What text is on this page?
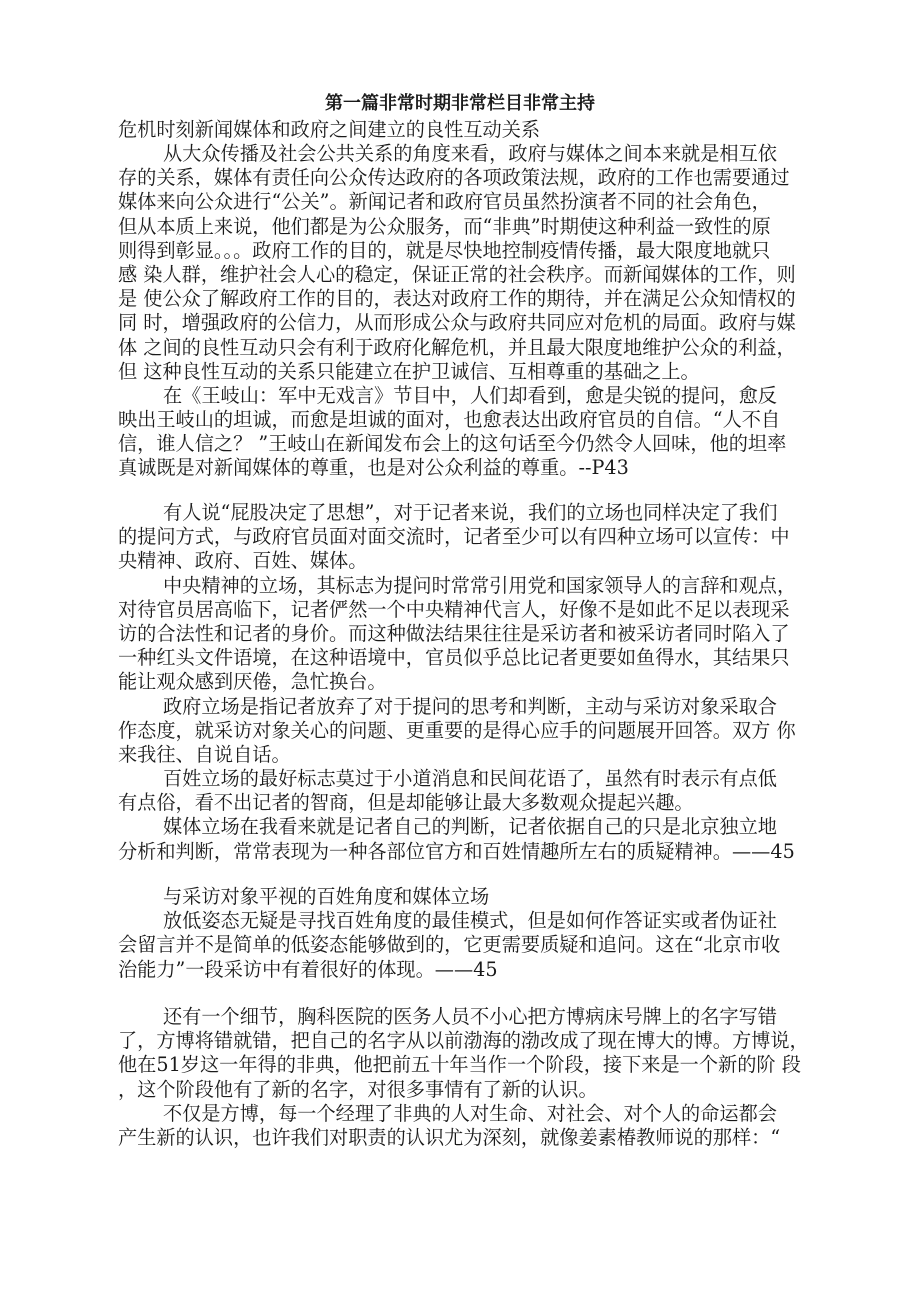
第一篇非常时期非常栏目非常主持
危机时刻新闻媒体和政府之间建立的良性互动关系
从大众传播及社会公共关系的角度来看，政府与媒体之间本来就是相互依
存的关系，媒体有责任向公众传达政府的各项政策法规，政府的工作也需要通过
媒体来向公众进行“公关”。新闻记者和政府官员虽然扮演者不同的社会角色，
但从本质上来说，他们都是为公众服务，而“非典”时期使这种利益一致性的原
则得到彰显。。。政府工作的目的，就是尽快地控制疫情传播，最大限度地就只
感 染人群，维护社会人心的稳定，保证正常的社会秩序。而新闻媒体的工作，则
是 使公众了解政府工作的目的，表达对政府工作的期待，并在满足公众知情权的
同 时，增强政府的公信力，从而形成公众与政府共同应对危机的局面。政府与媒
体 之间的良性互动只会有利于政府化解危机，并且最大限度地维护公众的利益，
但 这种良性互动的关系只能建立在护卫诚信、互相尊重的基础之上。
在《王岐山：军中无戏言》节目中，人们却看到，愈是尖锐的提问，愈反
映出王岐山的坦诚，而愈是坦诚的面对，也愈表达出政府官员的自信。“人不自
信，谁人信之？ ”王岐山在新闻发布会上的这句话至今仍然令人回味，他的坦率
真诚既是对新闻媒体的尊重，也是对公众利益的尊重。--P43
有人说“屁股决定了思想”，对于记者来说，我们的立场也同样决定了我们
的提问方式，与政府官员面对面交流时，记者至少可以有四种立场可以宣传：中
央精神、政府、百姓、媒体。
中央精神的立场，其标志为提问时常常引用党和国家领导人的言辞和观点，
对待官员居高临下，记者俨然一个中央精神代言人，好像不是如此不足以表现采
访的合法性和记者的身价。而这种做法结果往往是采访者和被采访者同时陷入了
一种红头文件语境，在这种语境中，官员似乎总比记者更要如鱼得水，其结果只
能让观众感到厌倦，急忙换台。
政府立场是指记者放弃了对于提问的思考和判断，主动与采访对象采取合
作态度，就采访对象关心的问题、更重要的是得心应手的问题展开回答。双方 你
来我往、自说自话。
百姓立场的最好标志莫过于小道消息和民间花语了，虽然有时表示有点低
有点俗，看不出记者的智商，但是却能够让最大多数观众提起兴趣。
媒体立场在我看来就是记者自己的判断，记者依据自己的只是北京独立地
分析和判断，常常表现为一种各部位官方和百姓情趣所左右的质疑精神。——45
与采访对象平视的百姓角度和媒体立场
放低姿态无疑是寻找百姓角度的最佳模式，但是如何作答证实或者伪证社
会留言并不是简单的低姿态能够做到的，它更需要质疑和追问。这在“北京市收
治能力”一段采访中有着很好的体现。——45
还有一个细节，胸科医院的医务人员不小心把方博病床号牌上的名字写错
了，方博将错就错，把自己的名字从以前渤海的渤改成了现在博大的博。方博说，
他在51岁这一年得的非典，他把前五十年当作一个阶段，接下来是一个新的阶 段
，这个阶段他有了新的名字，对很多事情有了新的认识。
不仅是方博，每一个经理了非典的人对生命、对社会、对个人的命运都会
产生新的认识，也许我们对职责的认识尤为深刻，就像姜素椿教师说的那样：“
